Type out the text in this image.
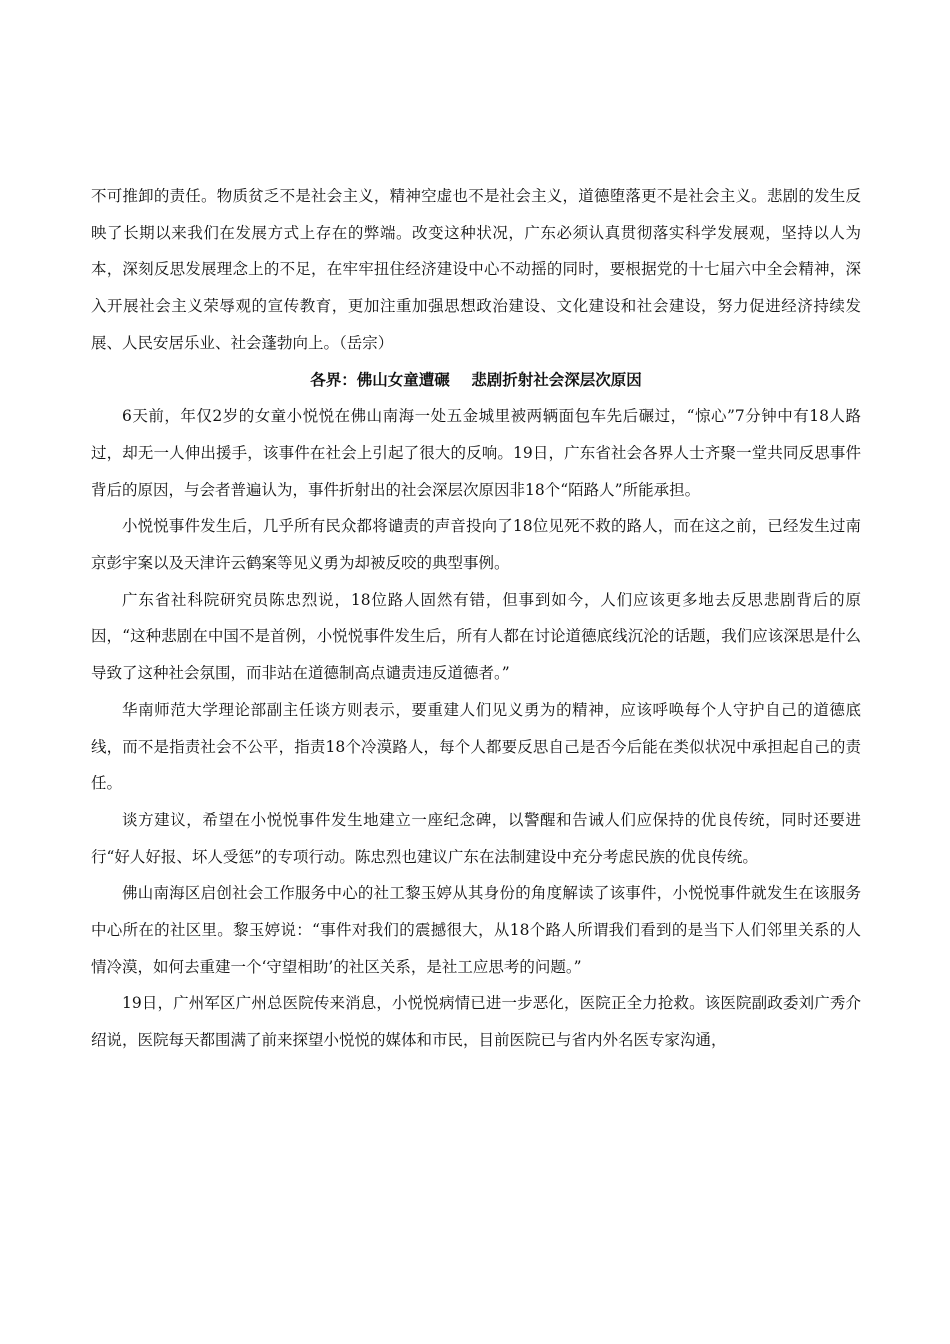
不可推卸的责任。物质贫乏不是社会主义，精神空虚也不是社会主义，道德堕落更不是社会主义。悲剧的发生反映了长期以来我们在发展方式上存在的弊端。改变这种状况，广东必须认真贯彻落实科学发展观，坚持以人为本，深刻反思发展理念上的不足，在牢牢扭住经济建设中心不动摇的同时，要根据党的十七届六中全会精神，深入开展社会主义荣辱观的宣传教育，更加注重加强思想政治建设、文化建设和社会建设，努力促进经济持续发展、人民安居乐业、社会蓬勃向上。（岳宗）

各界：佛山女童遭碾    悲剧折射社会深层次原因

6天前，年仅2岁的女童小悦悦在佛山南海一处五金城里被两辆面包车先后碾过，“惊心”7分钟中有18人路过，却无一人伸出援手，该事件在社会上引起了很大的反响。19日，广东省社会各界人士齐聚一堂共同反思事件背后的原因，与会者普遍认为，事件折射出的社会深层次原因非18个“陌路人”所能承担。

小悦悦事件发生后，几乎所有民众都将谴责的声音投向了18位见死不救的路人，而在这之前，已经发生过南京彭宇案以及天津许云鹤案等见义勇为却被反咬的典型事例。

广东省社科院研究员陈忠烈说，18位路人固然有错，但事到如今，人们应该更多地去反思悲剧背后的原因，“这种悲剧在中国不是首例，小悦悦事件发生后，所有人都在讨论道德底线沉沦的话题，我们应该深思是什么导致了这种社会氛围，而非站在道德制高点谴责违反道德者。”

华南师范大学理论部副主任谈方则表示，要重建人们见义勇为的精神，应该呼唤每个人守护自己的道德底线，而不是指责社会不公平，指责18个冷漠路人，每个人都要反思自己是否今后能在类似状况中承担起自己的责任。

谈方建议，希望在小悦悦事件发生地建立一座纪念碑，以警醒和告诫人们应保持的优良传统，同时还要进行“好人好报、坏人受惩”的专项行动。陈忠烈也建议广东在法制建设中充分考虑民族的优良传统。

佛山南海区启创社会工作服务中心的社工黎玉婷从其身份的角度解读了该事件，小悦悦事件就发生在该服务中心所在的社区里。黎玉婷说：“事件对我们的震撼很大，从18个路人所谓我们看到的是当下人们邻里关系的人情冷漠，如何去重建一个‘守望相助’的社区关系，是社工应思考的问题。”

19日，广州军区广州总医院传来消息，小悦悦病情已进一步恶化，医院正全力抢救。该医院副政委刘广秀介绍说，医院每天都围满了前来探望小悦悦的媒体和市民，目前医院已与省内外名医专家沟通，
